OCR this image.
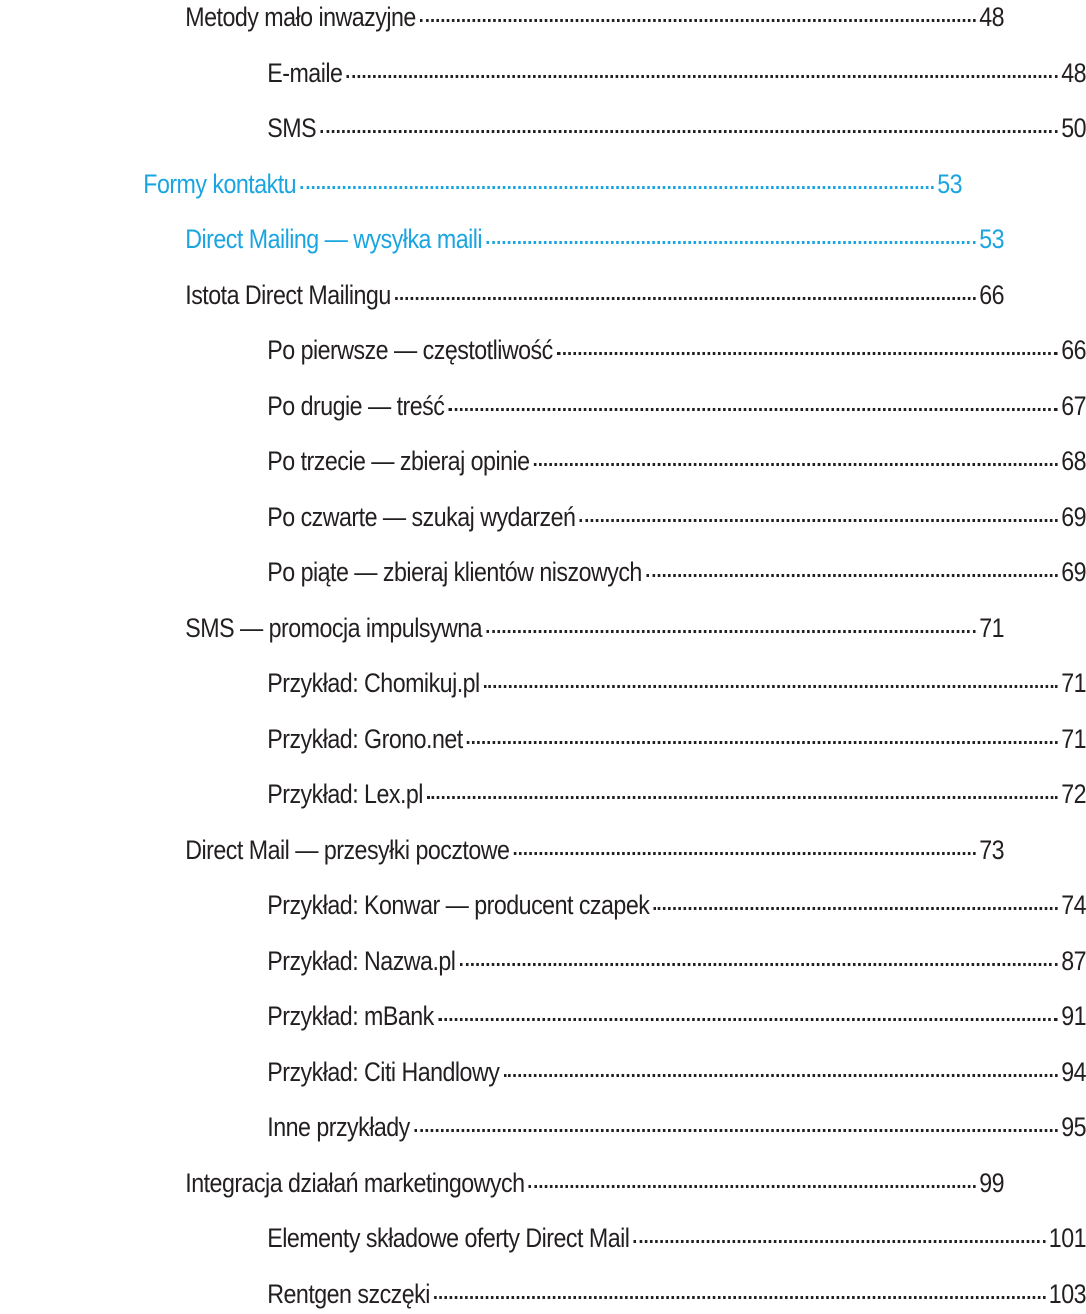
Metody mało inwazyjne	48
E-maile	48
SMS	50
Formy kontaktu	53
Direct Mailing — wysyłka maili	53
Istota Direct Mailingu	66
Po pierwsze — częstotliwość	66
Po drugie — treść	67
Po trzecie — zbieraj opinie	68
Po czwarte — szukaj wydarzeń	69
Po piąte — zbieraj klientów niszowych	69
SMS — promocja impulsywna	71
Przykład: Chomikuj.pl	71
Przykład: Grono.net	71
Przykład: Lex.pl	72
Direct Mail — przesyłki pocztowe	73
Przykład: Konwar — producent czapek	74
Przykład: Nazwa.pl	87
Przykład: mBank	91
Przykład: Citi Handlowy	94
Inne przykłady	95
Integracja działań marketingowych	99
Elementy składowe oferty Direct Mail	101
Rentgen szczęki	103
